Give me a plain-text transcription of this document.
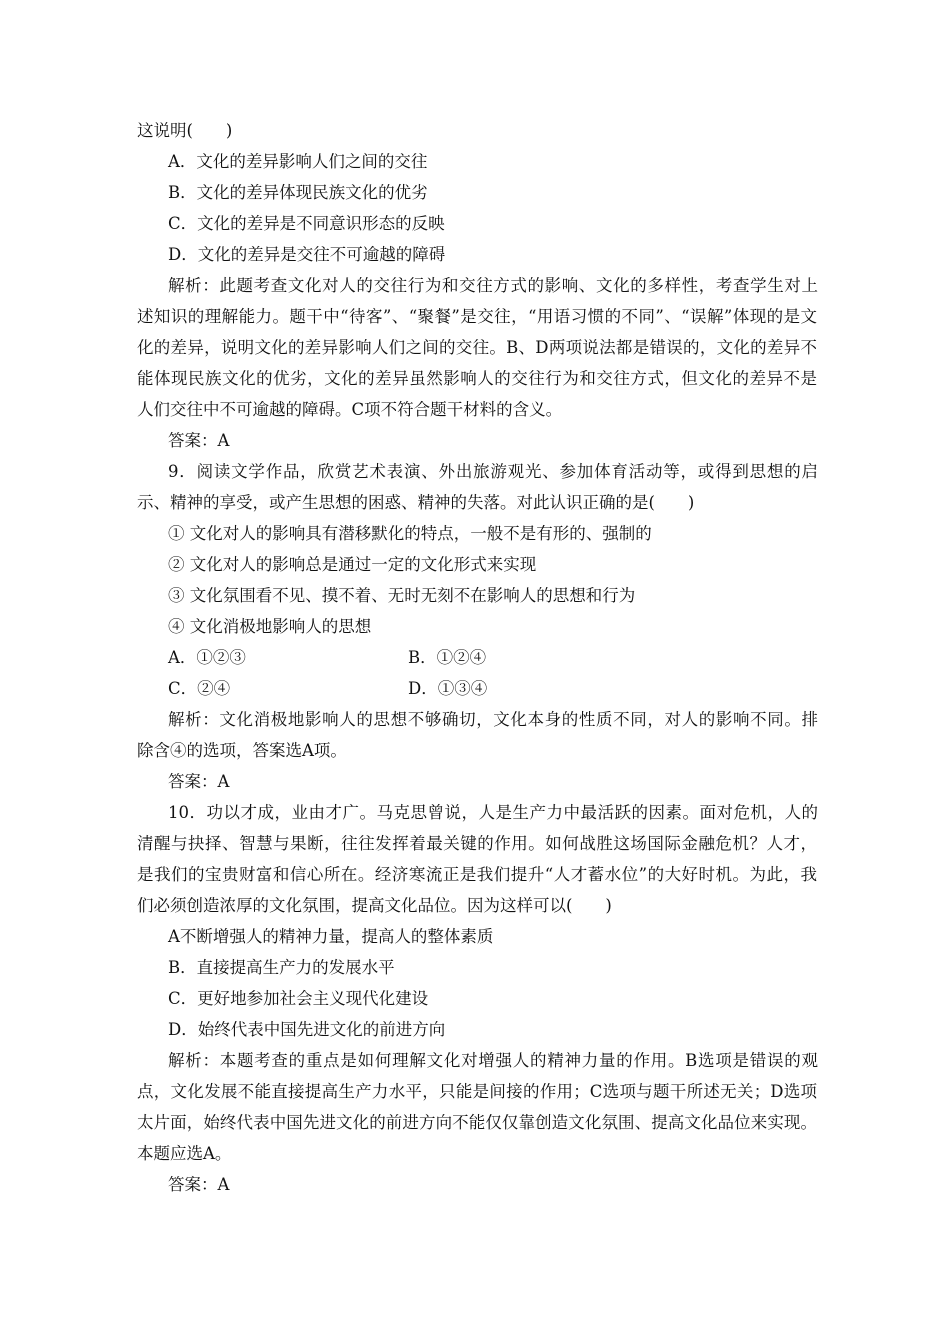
这说明(　　)
A．文化的差异影响人们之间的交往
B．文化的差异体现民族文化的优劣
C．文化的差异是不同意识形态的反映
D．文化的差异是交往不可逾越的障碍
解析：此题考查文化对人的交往行为和交往方式的影响、文化的多样性，考查学生对上
述知识的理解能力。题干中“待客”、“聚餐”是交往，“用语习惯的不同”、“误解”体现的是文
化的差异，说明文化的差异影响人们之间的交往。B、D两项说法都是错误的，文化的差异不
能体现民族文化的优劣，文化的差异虽然影响人的交往行为和交往方式，但文化的差异不是
人们交往中不可逾越的障碍。C项不符合题干材料的含义。
答案：A
9．阅读文学作品，欣赏艺术表演、外出旅游观光、参加体育活动等，或得到思想的启
示、精神的享受，或产生思想的困惑、精神的失落。对此认识正确的是(　　)
① 文化对人的影响具有潜移默化的特点，一般不是有形的、强制的
② 文化对人的影响总是通过一定的文化形式来实现
③ 文化氛围看不见、摸不着、无时无刻不在影响人的思想和行为
④ 文化消极地影响人的思想
A．①②③	B．①②④
C．②④	D．①③④
解析：文化消极地影响人的思想不够确切，文化本身的性质不同，对人的影响不同。排
除含④的选项，答案选A项。
答案：A
10．功以才成，业由才广。马克思曾说，人是生产力中最活跃的因素。面对危机，人的
清醒与抉择、智慧与果断，往往发挥着最关键的作用。如何战胜这场国际金融危机？人才，
是我们的宝贵财富和信心所在。经济寒流正是我们提升“人才蓄水位”的大好时机。为此，我
们必须创造浓厚的文化氛围，提高文化品位。因为这样可以(　　)
A不断增强人的精神力量，提高人的整体素质
B．直接提高生产力的发展水平
C．更好地参加社会主义现代化建设
D．始终代表中国先进文化的前进方向
解析：本题考查的重点是如何理解文化对增强人的精神力量的作用。B选项是错误的观
点，文化发展不能直接提高生产力水平，只能是间接的作用；C选项与题干所述无关；D选项
太片面，始终代表中国先进文化的前进方向不能仅仅靠创造文化氛围、提高文化品位来实现。
本题应选A。
答案：A
